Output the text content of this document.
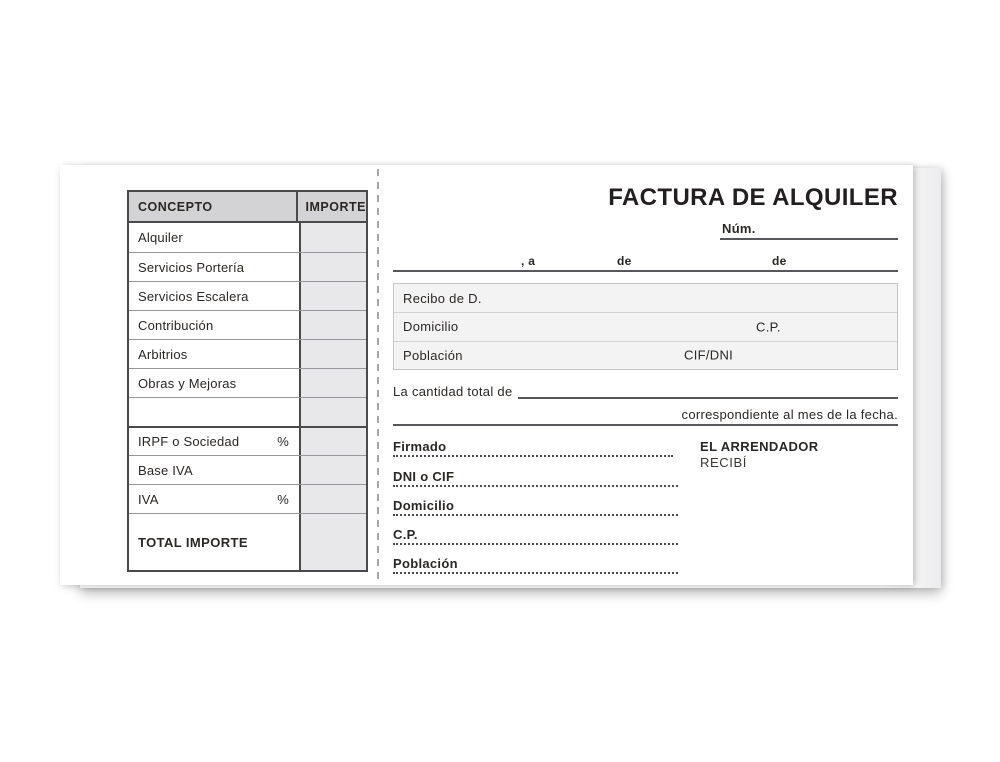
CONCEPTO	IMPORTE
Alquiler
Servicios Portería
Servicios Escalera
Contribución
Arbitrios
Obras y Mejoras
IRPF o Sociedad	%
Base IVA
IVA	%
TOTAL IMPORTE
FACTURA DE ALQUILER
Núm.
, a	de	de
Recibo de D.
Domicilio	C.P.
Población	CIF/DNI
La cantidad total de
correspondiente al mes de la fecha.
Firmado	EL ARRENDADOR
RECIBÍ
DNI o CIF
Domicilio
C.P.
Población
